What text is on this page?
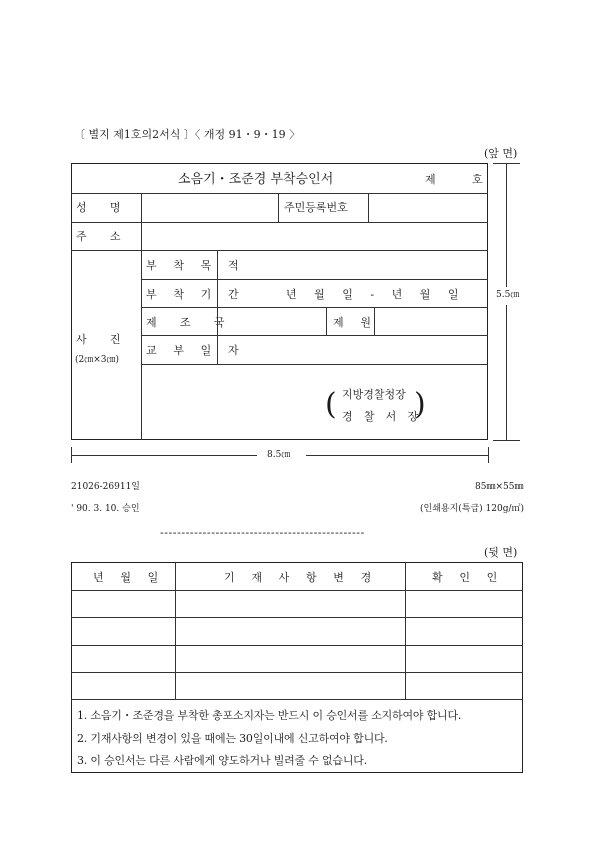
〔 별지 제1호의2서식 〕〈 개정 91・9・19 〉
(앞 면)
소음기・조준경 부착승인서	제	호
성 명	주민등록번호
주 소
사 진
(2㎝×3㎝)
부 착 목 적
부 착 기 간	년 월 일 - 년 월 일
제 조 국	제 원
교 부 일 자
( 지방경찰청장
경 찰 서 장
)
5.5㎝
8.5㎝
21026-26911일	85㎜×55㎜
' 90. 3. 10. 승인	(인쇄용지(특급) 120g/㎡)
------------------------------------------------
(뒷 면)
년 월 일	기 재 사 항 변 경	확 인 인
1. 소음기・조준경을 부착한 총포소지자는 반드시 이 승인서를 소지하여야 합니다.
2. 기재사항의 변경이 있을 때에는 30일이내에 신고하여야 합니다.
3. 이 승인서는 다른 사람에게 양도하거나 빌려줄 수 없습니다.
